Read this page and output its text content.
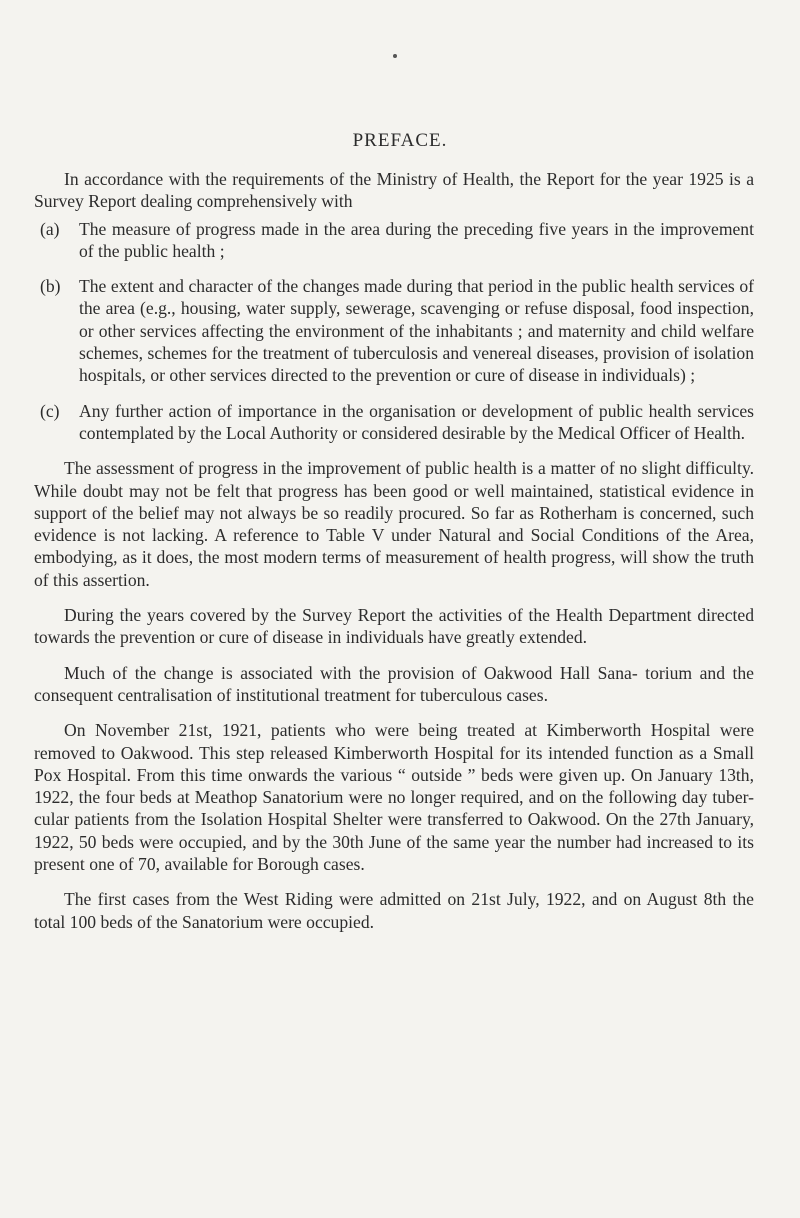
PREFACE.

In accordance with the requirements of the Ministry of Health, the Report for the year 1925 is a Survey Report dealing comprehensively with

(a)	The measure of progress made in the area during the preceding five years in the improvement of the public health ;
(b)	The extent and character of the changes made during that period in the public health services of the area (e.g., housing, water supply, sewerage, scavenging or refuse disposal, food inspection, or other services affecting the environment of the inhabitants ; and maternity and child welfare schemes, schemes for the treatment of tuberculosis and venereal diseases, provision of isolation hospitals, or other services directed to the prevention or cure of disease in individuals) ;
(c)	Any further action of importance in the organisation or development of public health services contemplated by the Local Authority or considered desirable by the Medical Officer of Health.

The assessment of progress in the improvement of public health is a matter of no slight difficulty. While doubt may not be felt that progress has been good or well maintained, statistical evidence in support of the belief may not always be so readily procured. So far as Rotherham is concerned, such evidence is not lacking. A reference to Table V under Natural and Social Conditions of the Area, embodying, as it does, the most modern terms of measurement of health progress, will show the truth of this assertion.

During the years covered by the Survey Report the activities of the Health Department directed towards the prevention or cure of disease in individuals have greatly extended.

Much of the change is associated with the provision of Oakwood Hall Sana- torium and the consequent centralisation of institutional treatment for tuberculous cases.

On November 21st, 1921, patients who were being treated at Kimberworth Hospital were removed to Oakwood. This step released Kimberworth Hospital for its intended function as a Small Pox Hospital. From this time onwards the various “ outside ” beds were given up. On January 13th, 1922, the four beds at Meathop Sanatorium were no longer required, and on the following day tuber- cular patients from the Isolation Hospital Shelter were transferred to Oakwood. On the 27th January, 1922, 50 beds were occupied, and by the 30th June of the same year the number had increased to its present one of 70, available for Borough cases.

The first cases from the West Riding were admitted on 21st July, 1922, and on August 8th the total 100 beds of the Sanatorium were occupied.
